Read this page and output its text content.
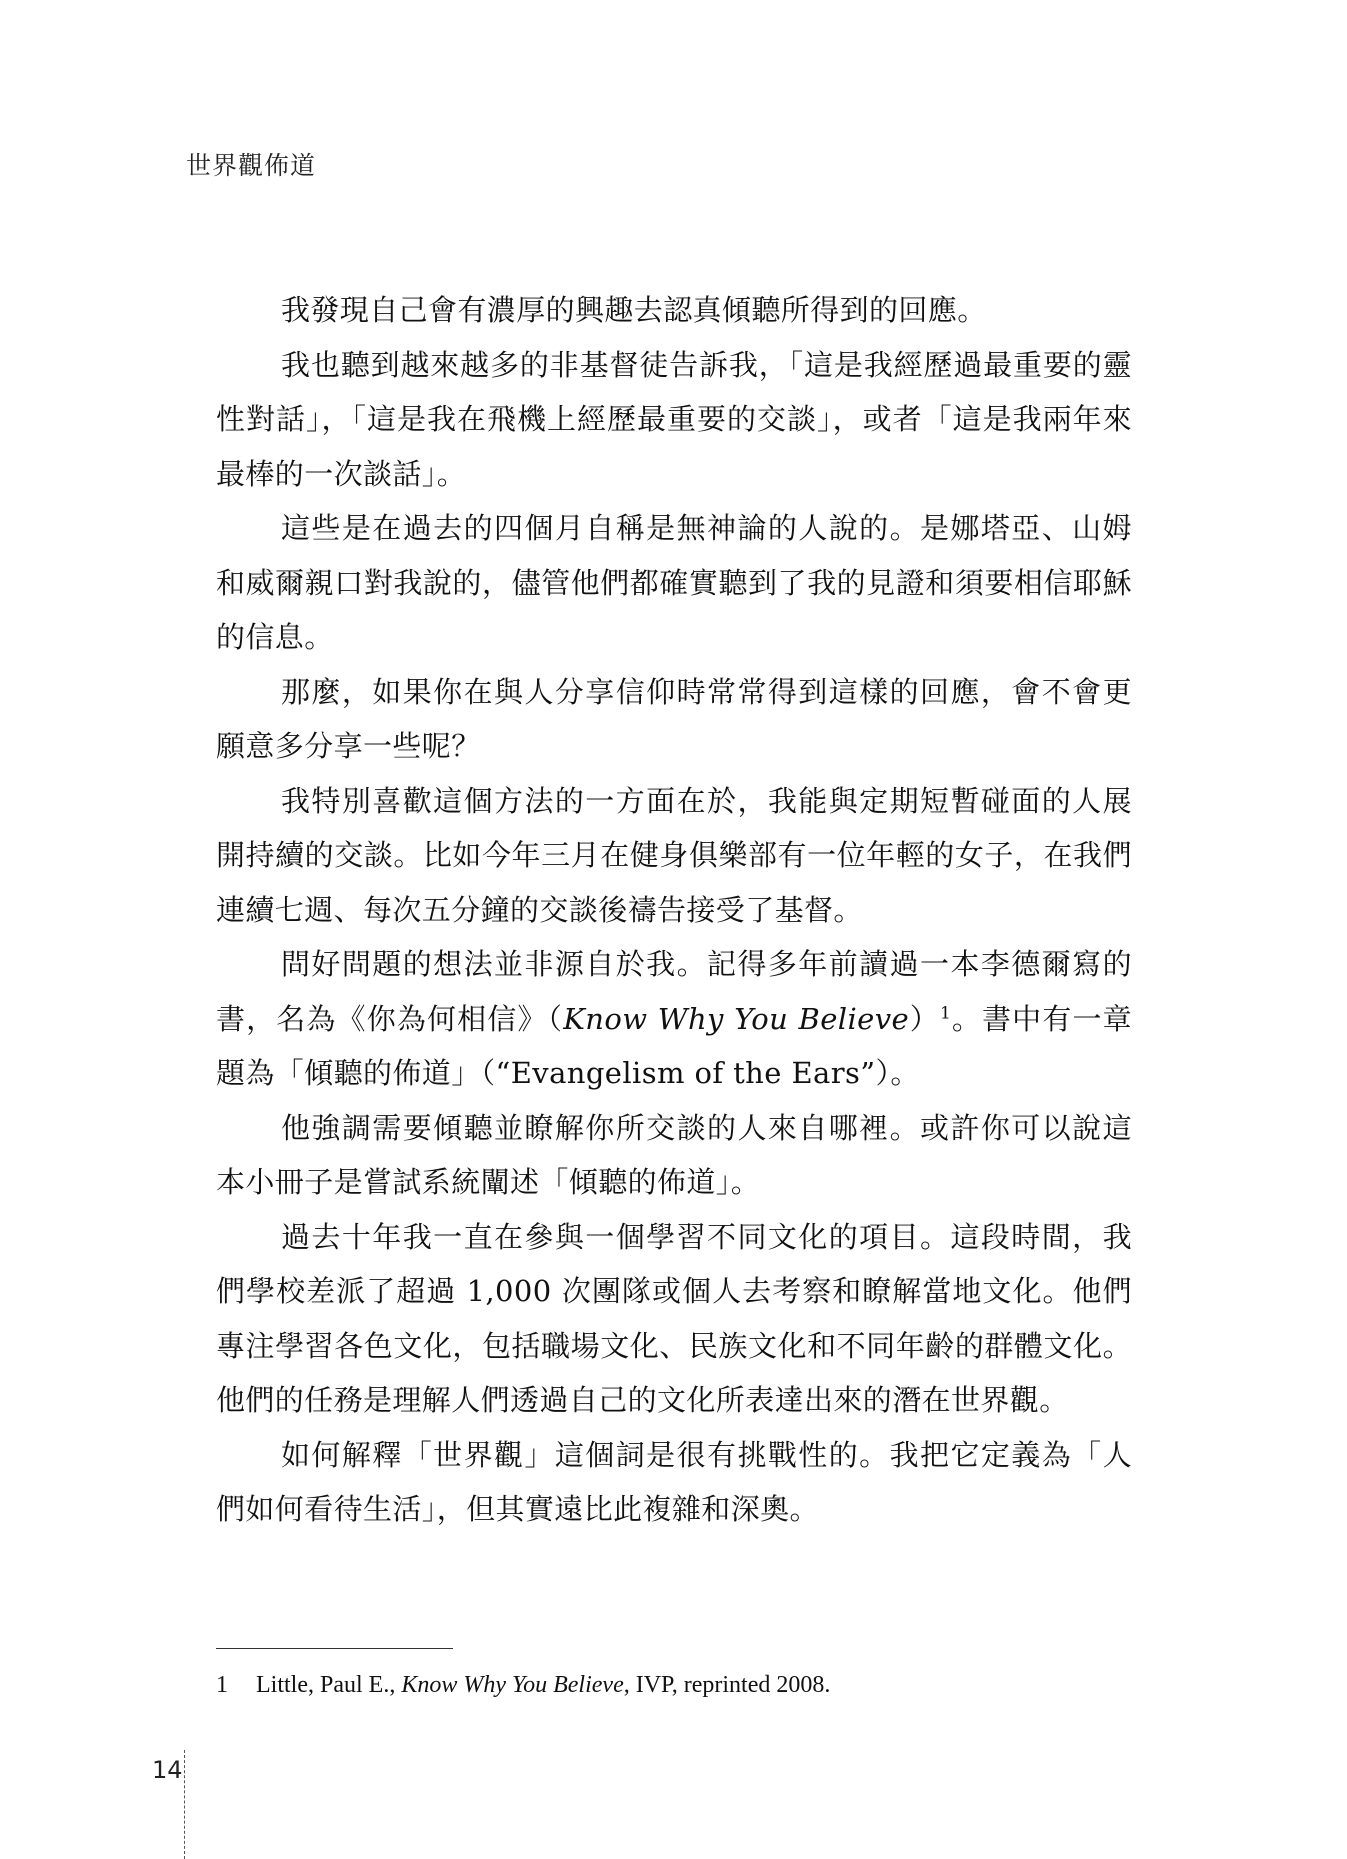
世界觀佈道

我發現自己會有濃厚的興趣去認真傾聽所得到的回應。

我也聽到越來越多的非基督徒告訴我，「這是我經歷過最重要的靈性對話」，「這是我在飛機上經歷最重要的交談」，或者「這是我兩年來最棒的一次談話」。

這些是在過去的四個月自稱是無神論的人說的。是娜塔亞、山姆和威爾親口對我說的，儘管他們都確實聽到了我的見證和須要相信耶穌的信息。

那麼，如果你在與人分享信仰時常常得到這樣的回應，會不會更願意多分享一些呢？

我特別喜歡這個方法的一方面在於，我能與定期短暫碰面的人展開持續的交談。比如今年三月在健身俱樂部有一位年輕的女子，在我們連續七週、每次五分鐘的交談後禱告接受了基督。

問好問題的想法並非源自於我。記得多年前讀過一本李德爾寫的書，名為《你為何相信》（Know Why You Believe）$^1$。書中有一章題為「傾聽的佈道」（“Evangelism of the Ears”）。

他強調需要傾聽並瞭解你所交談的人來自哪裡。或許你可以說這本小冊子是嘗試系統闡述「傾聽的佈道」。

過去十年我一直在參與一個學習不同文化的項目。這段時間，我們學校差派了超過 1,000 次團隊或個人去考察和瞭解當地文化。他們專注學習各色文化，包括職場文化、民族文化和不同年齡的群體文化。他們的任務是理解人們透過自己的文化所表達出來的潛在世界觀。

如何解釋「世界觀」這個詞是很有挑戰性的。我把它定義為「人們如何看待生活」，但其實遠比此複雜和深奧。

1 Little, Paul E., Know Why You Believe, IVP, reprinted 2008.
14
